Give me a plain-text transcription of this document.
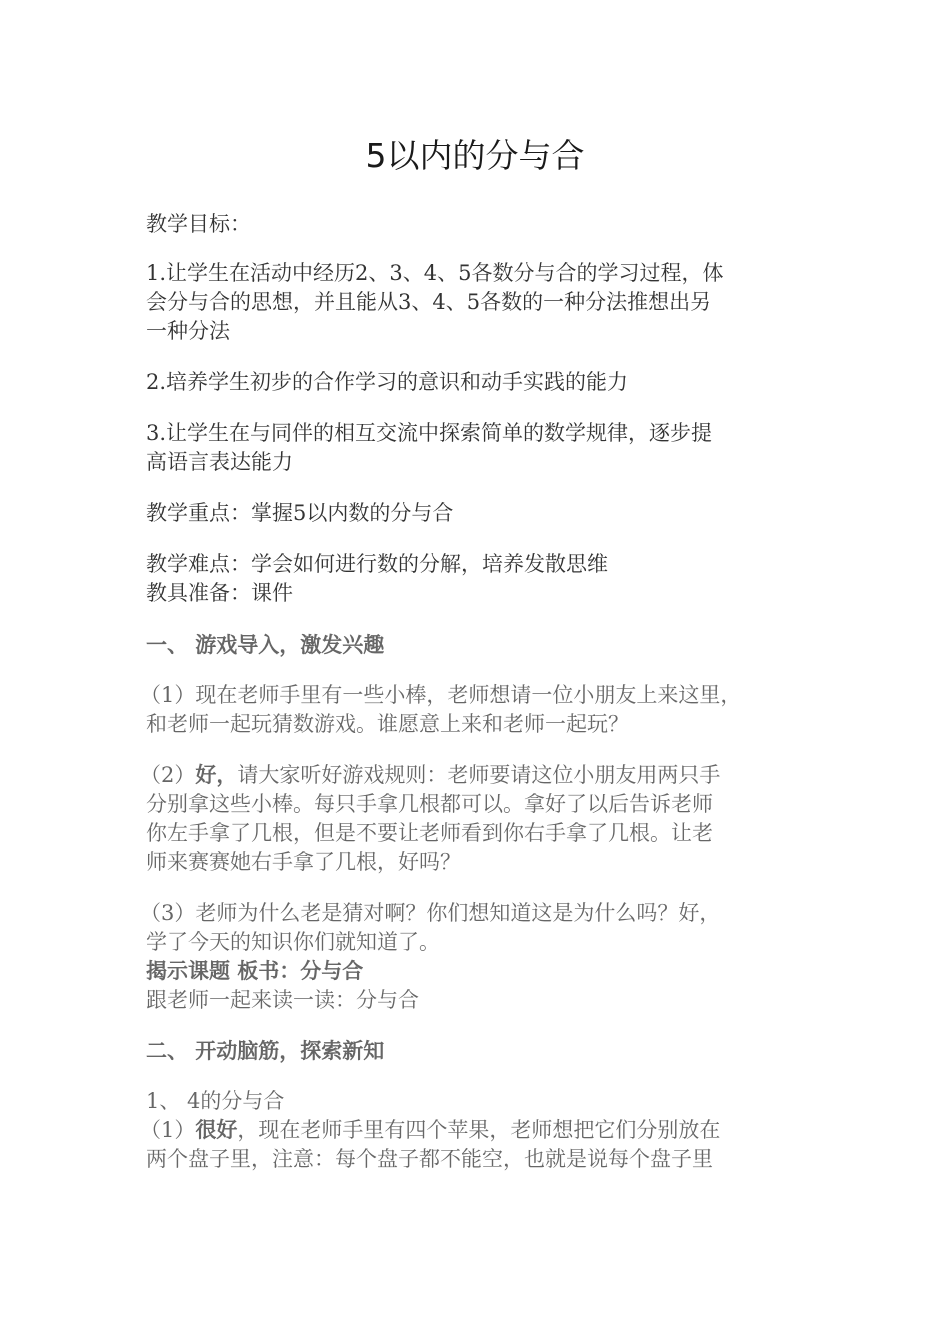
5以内的分与合
教学目标：
1.让学生在活动中经历2、3、4、5各数分与合的学习过程，体
会分与合的思想，并且能从3、4、5各数的一种分法推想出另
一种分法
2.培养学生初步的合作学习的意识和动手实践的能力
3.让学生在与同伴的相互交流中探索简单的数学规律，逐步提
高语言表达能力
教学重点：掌握5以内数的分与合
教学难点：学会如何进行数的分解，培养发散思维
教具准备：课件
一、 游戏导入，激发兴趣
（1）现在老师手里有一些小棒，老师想请一位小朋友上来这里，
和老师一起玩猜数游戏。谁愿意上来和老师一起玩？
（2）好，请大家听好游戏规则：老师要请这位小朋友用两只手
分别拿这些小棒。每只手拿几根都可以。拿好了以后告诉老师
你左手拿了几根，但是不要让老师看到你右手拿了几根。让老
师来赛赛她右手拿了几根，好吗？
（3）老师为什么老是猜对啊？你们想知道这是为什么吗？好，
学了今天的知识你们就知道了。
揭示课题 板书：分与合
跟老师一起来读一读：分与合
二、 开动脑筋，探索新知
1、 4的分与合
（1）很好，现在老师手里有四个苹果，老师想把它们分别放在
两个盘子里，注意：每个盘子都不能空，也就是说每个盘子里
